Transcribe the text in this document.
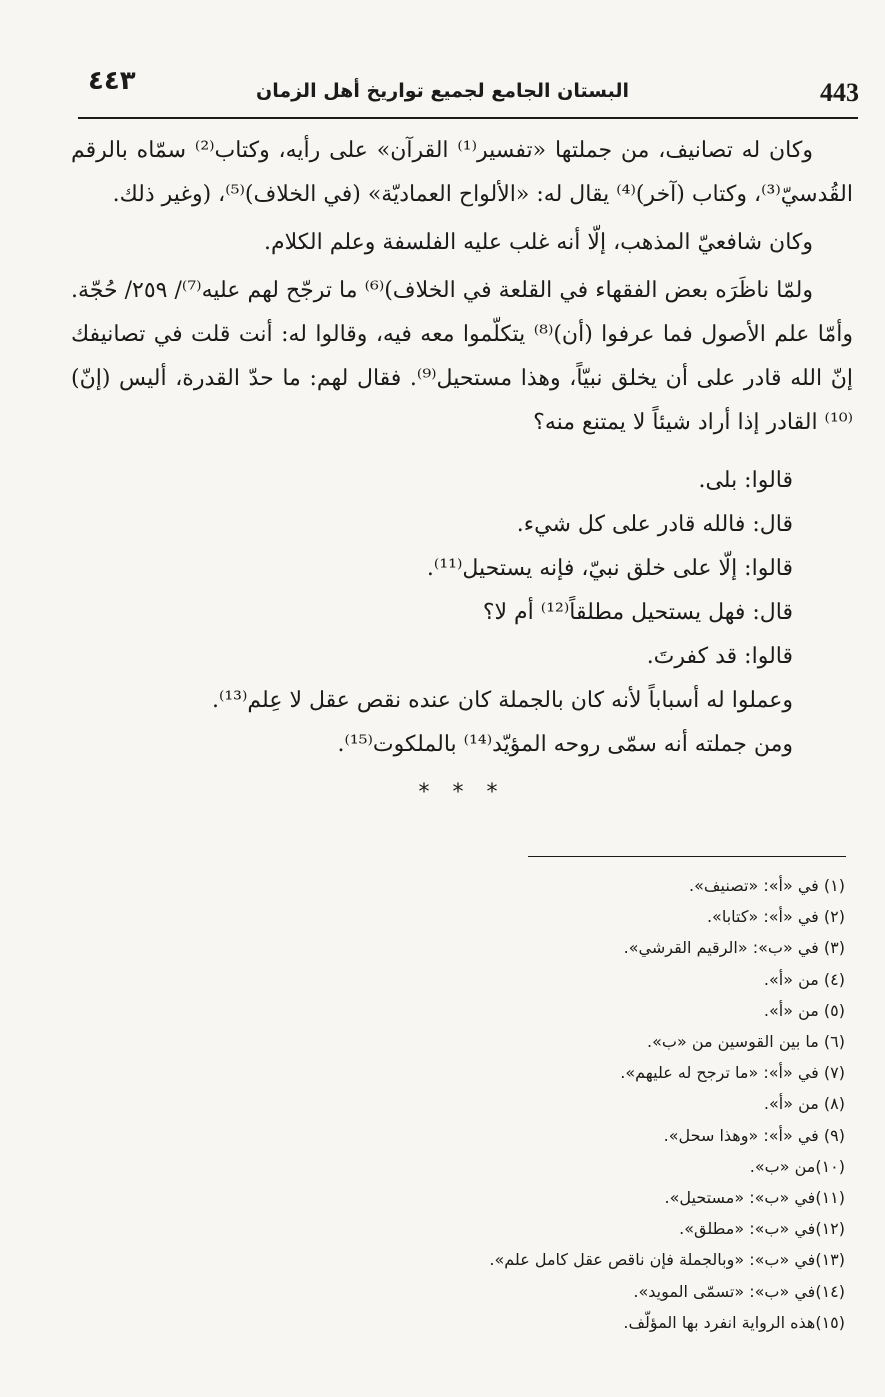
443
البستان الجامع لجميع تواريخ أهل الزمان
٤٤٣

وكان له تصانيف، من جملتها «تفسير⁽¹⁾ القرآن» على رأيه، وكتاب⁽²⁾ سمّاه بالرقم القُدسيّ⁽³⁾، وكتاب (آخر)⁽⁴⁾ يقال له: «الألواح العماديّة» (في الخلاف)⁽⁵⁾، (وغير ذلك.

وكان شافعيّ المذهب، إلّا أنه غلب عليه الفلسفة وعلم الكلام.

ولمّا ناظَرَه بعض الفقهاء في القلعة في الخلاف)⁽⁶⁾ ما ترجّح لهم عليه⁽⁷⁾/ ٢٥٩/ حُجّة. وأمّا علم الأصول فما عرفوا (أن)⁽⁸⁾ يتكلّموا معه فيه، وقالوا له: أنت قلت في تصانيفك إنّ الله قادر على أن يخلق نبيّاً، وهذا مستحيل⁽⁹⁾. فقال لهم: ما حدّ القدرة، أليس (إنّ)⁽¹⁰⁾ القادر إذا أراد شيئاً لا يمتنع منه؟

قالوا: بلى.

قال: فالله قادر على كل شيء.

قالوا: إلّا على خلق نبيّ، فإنه يستحيل⁽¹¹⁾.

قال: فهل يستحيل مطلقاً⁽¹²⁾ أم لا؟

قالوا: قد كفرتَ.

وعملوا له أسباباً لأنه كان بالجملة كان عنده نقص عقل لا عِلم⁽¹³⁾.

ومن جملته أنه سمّى روحه المؤيّد⁽¹⁴⁾ بالملكوت⁽¹⁵⁾.

* * *
(١) في «أ»: «تصنيف».
(٢) في «أ»: «كتابا».
(٣) في «ب»: «الرقيم القرشي».
(٤) من «أ».
(٥) من «أ».
(٦) ما بين القوسين من «ب».
(٧) في «أ»: «ما ترجح له عليهم».
(٨) من «أ».
(٩) في «أ»: «وهذا سحل».
(١٠)من «ب».
(١١)في «ب»: «مستحيل».
(١٢)في «ب»: «مطلق».
(١٣)في «ب»: «وبالجملة فإن ناقص عقل كامل علم».
(١٤)في «ب»: «تسمّى المويد».
(١٥)هذه الرواية انفرد بها المؤلّف.
